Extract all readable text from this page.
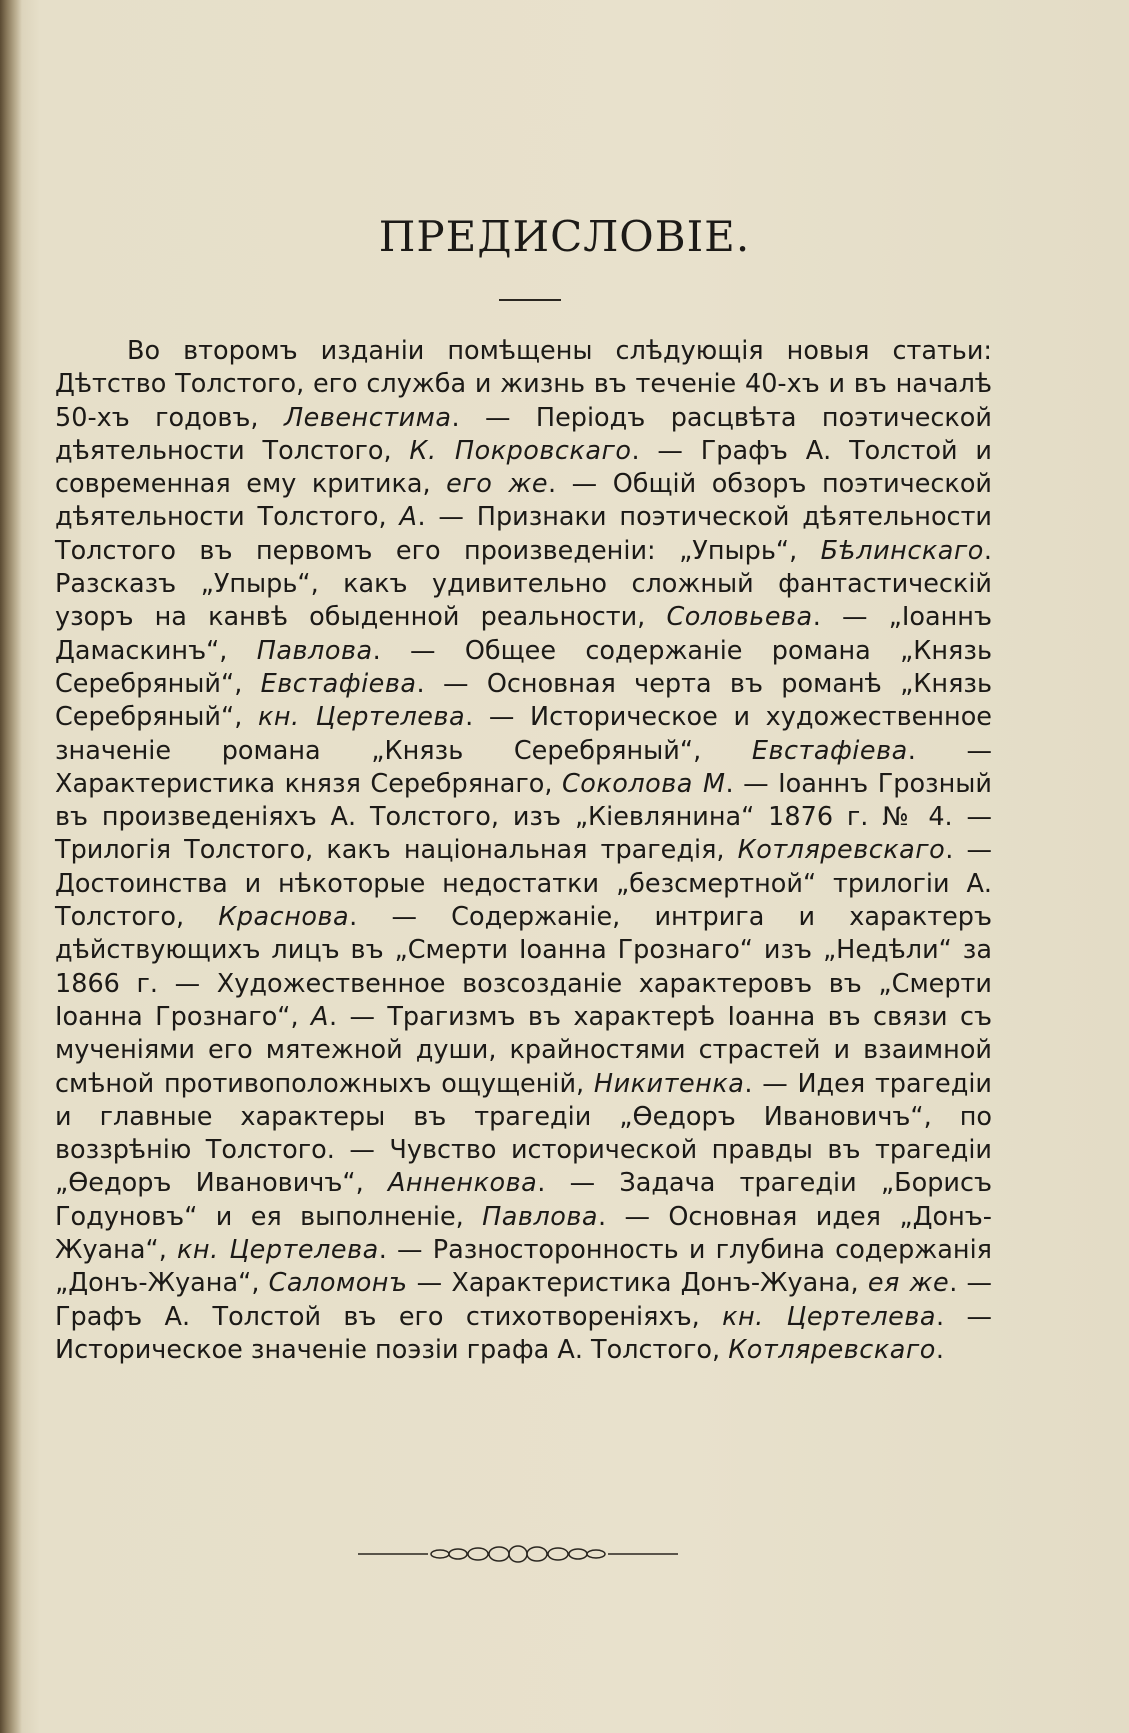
ПРЕДИСЛОВІЕ.

Во второмъ изданіи помѣщены слѣдующія новыя статьи: Дѣтство Толстого, его служба и жизнь въ теченіе 40-хъ и въ началѣ 50-хъ годовъ, Левенстима. — Періодъ расцвѣта поэтической дѣятельности Толстого, К. Покровскаго. — Графъ А. Толстой и современная ему критика, его же. — Общій обзоръ поэтической дѣятельности Толстого, А. — Признаки поэтической дѣятельности Толстого въ первомъ его произведеніи: „Упырь“, Бѣлинскаго. Разсказъ „Упырь“, какъ удивительно сложный фантастическій узоръ на канвѣ обыденной реальности, Соловьева. — „Іоаннъ Дамаскинъ“, Павлова. — Общее содержаніе романа „Князь Серебряный“, Евстафіева. — Основная черта въ романѣ „Князь Серебряный“, кн. Цертелева. — Историческое и художественное значеніе романа „Князь Серебряный“, Евстафіева. — Характеристика князя Серебрянаго, Соколова М. — Іоаннъ Грозный въ произведеніяхъ А. Толстого, изъ „Кіевлянина“ 1876 г. № 4. — Трилогія Толстого, какъ національная трагедія, Котляревскаго. — Достоинства и нѣкоторые недостатки „безсмертной“ трилогіи А. Толстого, Краснова. — Содержаніе, интрига и характеръ дѣйствующихъ лицъ въ „Смерти Іоанна Грознаго“ изъ „Недѣли“ за 1866 г. — Художественное возсозданіе характеровъ въ „Смерти Іоанна Грознаго“, А. — Трагизмъ въ характерѣ Іоанна въ связи съ мученіями его мятежной души, крайностями страстей и взаимной смѣной противоположныхъ ощущеній, Никитенка. — Идея трагедіи и главные характеры въ трагедіи „Ѳедоръ Ивановичъ“, по воззрѣнію Толстого. — Чувство исторической правды въ трагедіи „Ѳедоръ Ивановичъ“, Анненкова. — Задача трагедіи „Борисъ Годуновъ“ и ея выполненіе, Павлова. — Основная идея „Донъ-Жуана“, кн. Цертелева. — Разносторонность и глубина содержанія „Донъ-Жуана“, Саломонъ — Характеристика Донъ-Жуана, ея же. — Графъ А. Толстой въ его стихотвореніяхъ, кн. Цертелева. — Историческое значеніе поэзіи графа А. Толстого, Котляревскаго.
